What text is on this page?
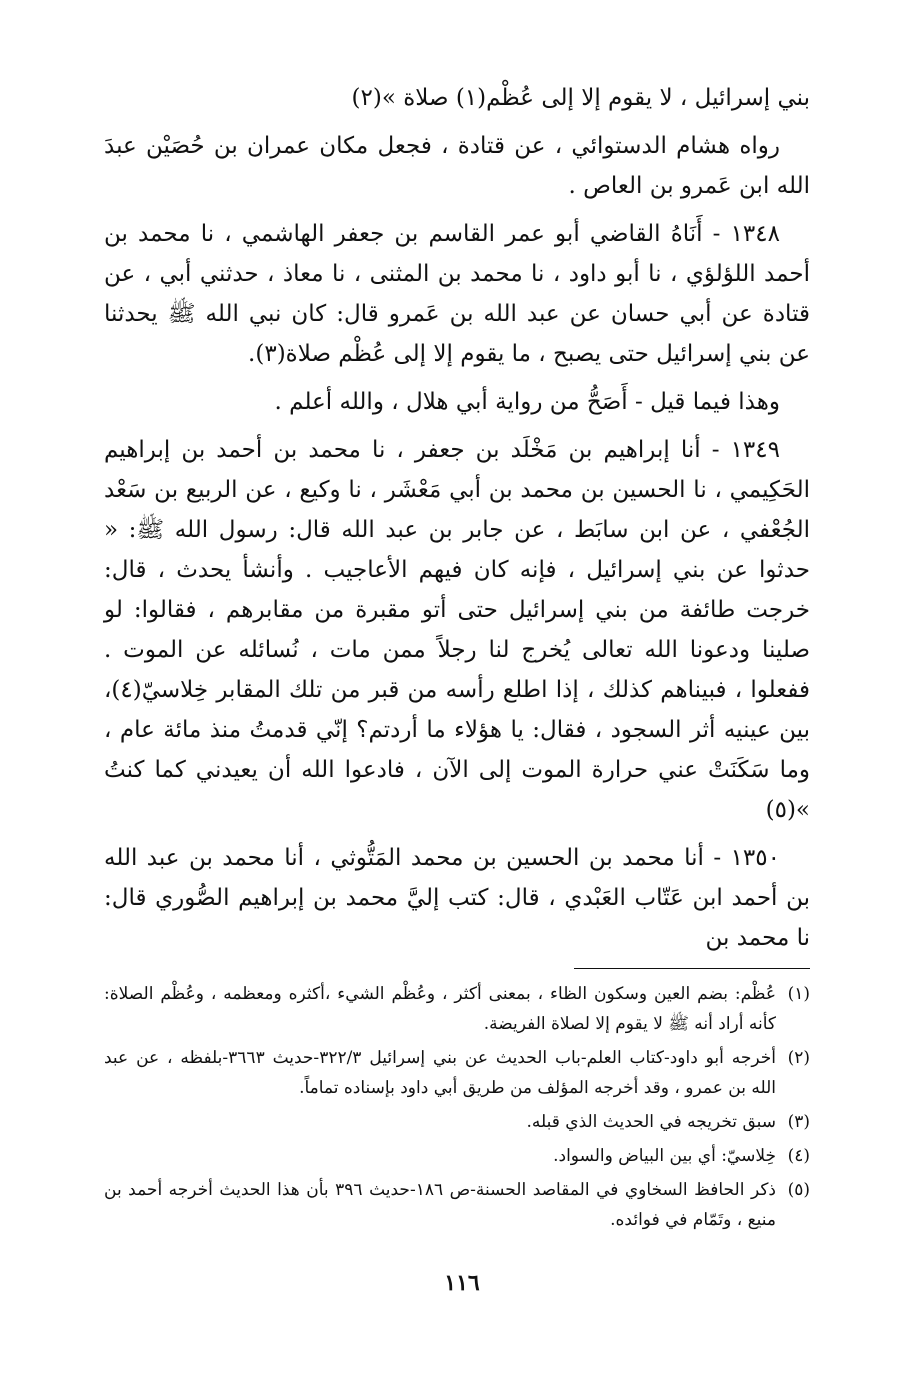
بني إسرائيل ، لا يقوم إلا إلى عُظْم(١) صلاة »(٢)

رواه هشام الدستوائي ، عن قتادة ، فجعل مكان عمران بن حُصَيْن عبدَ الله ابن عَمرو بن العاص .

١٣٤٨ - أَنَاهُ القاضي أبو عمر القاسم بن جعفر الهاشمي ، نا محمد بن أحمد اللؤلؤي ، نا أبو داود ، نا محمد بن المثنى ، نا معاذ ، حدثني أبي ، عن قتادة عن أبي حسان عن عبد الله بن عَمرو قال: كان نبي الله ﷺ يحدثنا عن بني إسرائيل حتى يصبح ، ما يقوم إلا إلى عُظْم صلاة(٣).

وهذا فيما قيل - أَصَحُّ من رواية أبي هلال ، والله أعلم .

١٣٤٩ - أنا إبراهيم بن مَخْلَد بن جعفر ، نا محمد بن أحمد بن إبراهيم الحَكِيمي ، نا الحسين بن محمد بن أبي مَعْشَر ، نا وكيع ، عن الربيع بن سَعْد الجُعْفي ، عن ابن سابَط ، عن جابر بن عبد الله قال: رسول الله ﷺ: « حدثوا عن بني إسرائيل ، فإنه كان فيهم الأعاجيب . وأنشأ يحدث ، قال: خرجت طائفة من بني إسرائيل حتى أتو مقبرة من مقابرهم ، فقالوا: لو صلينا ودعونا الله تعالى يُخرج لنا رجلاً ممن مات ، نُسائله عن الموت . ففعلوا ، فبيناهم كذلك ، إذا اطلع رأسه من قبر من تلك المقابر خِلاسيّ(٤)، بين عينيه أثر السجود ، فقال: يا هؤلاء ما أردتم؟ إنّي قدمتُ منذ مائة عام ، وما سَكَنَتْ عني حرارة الموت إلى الآن ، فادعوا الله أن يعيدني كما كنتُ »(٥)

١٣٥٠ - أنا محمد بن الحسين بن محمد المَتُّوثي ، أنا محمد بن عبد الله بن أحمد ابن عَتّاب العَبْدي ، قال: كتب إليَّ محمد بن إبراهيم الصُّوري قال: نا محمد بن

(١)عُظْم: بضم العين وسكون الظاء ، بمعنى أكثر ، وعُظْم الشيء ،أكثره ومعظمه ، وعُظْم الصلاة: كأنه أراد أنه ﷺ لا يقوم إلا لصلاة الفريضة.

(٢)أخرجه أبو داود-كتاب العلم-باب الحديث عن بني إسرائيل ٣٢٢/٣-حديث ٣٦٦٣-بلفظه ، عن عبد الله بن عمرو ، وقد أخرجه المؤلف من طريق أبي داود بإسناده تماماً.

(٣)سبق تخريجه في الحديث الذي قبله.

(٤)خِلاسيّ: أي بين البياض والسواد.

(٥)ذكر الحافظ السخاوي في المقاصد الحسنة-ص ١٨٦-حديث ٣٩٦ بأن هذا الحديث أخرجه أحمد بن منيع ، وتَمّام في فوائده.

١١٦
